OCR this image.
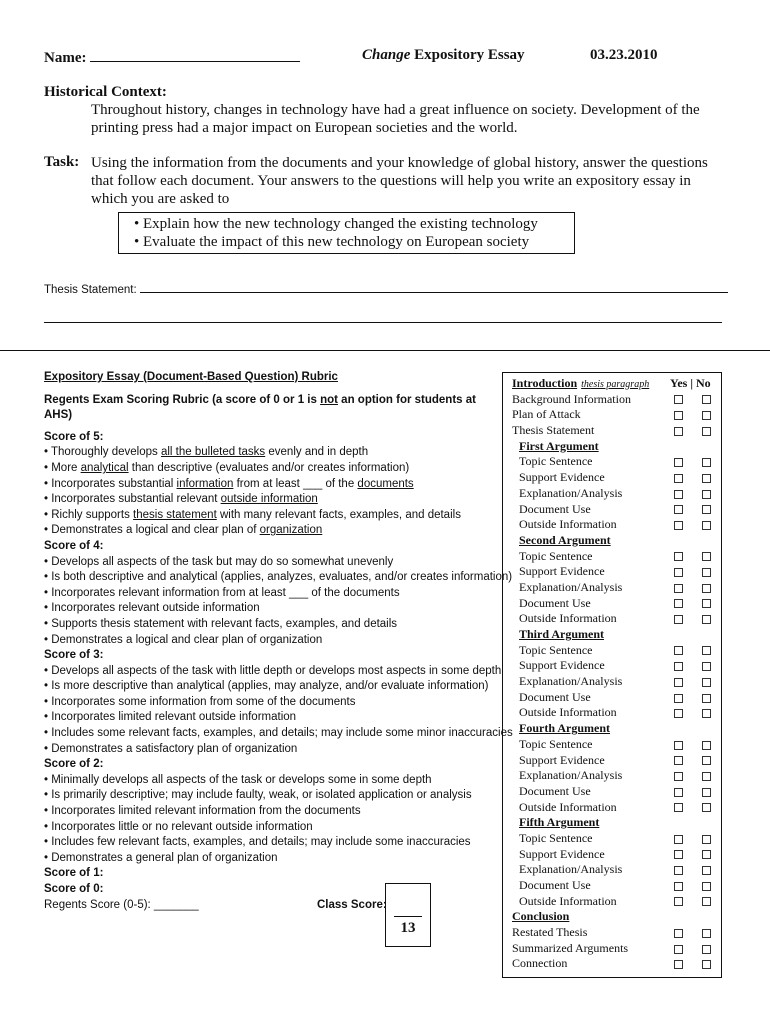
Name:	Change Expository Essay	03.23.2010
Historical Context:
Throughout history, changes in technology have had a great influence on society. Development of the printing press had a major impact on European societies and the world.
Task: Using the information from the documents and your knowledge of global history, answer the questions that follow each document. Your answers to the questions will help you write an expository essay in which you are asked to
• Explain how the new technology changed the existing technology
• Evaluate the impact of this new technology on European society
Thesis Statement:
Expository Essay (Document-Based Question) Rubric
Regents Exam Scoring Rubric (a score of 0 or 1 is not an option for students at AHS)
Score of 5:
• Thoroughly develops all the bulleted tasks evenly and in depth
• More analytical than descriptive (evaluates and/or creates information)
• Incorporates substantial information from at least ___ of the documents
• Incorporates substantial relevant outside information
• Richly supports thesis statement with many relevant facts, examples, and details
• Demonstrates a logical and clear plan of organization
Score of 4:
• Develops all aspects of the task but may do so somewhat unevenly
• Is both descriptive and analytical (applies, analyzes, evaluates, and/or creates information)
• Incorporates relevant information from at least ___ of the documents
• Incorporates relevant outside information
• Supports thesis statement with relevant facts, examples, and details
• Demonstrates a logical and clear plan of organization
Score of 3:
• Develops all aspects of the task with little depth or develops most aspects in some depth
• Is more descriptive than analytical (applies, may analyze, and/or evaluate information)
• Incorporates some information from some of the documents
• Incorporates limited relevant outside information
• Includes some relevant facts, examples, and details; may include some minor inaccuracies
• Demonstrates a satisfactory plan of organization
Score of 2:
• Minimally develops all aspects of the task or develops some in some depth
• Is primarily descriptive; may include faulty, weak, or isolated application or analysis
• Incorporates limited relevant information from the documents
• Incorporates little or no relevant outside information
• Includes few relevant facts, examples, and details; may include some inaccuracies
• Demonstrates a general plan of organization
Score of 1:
Score of 0:
Regents Score (0-5): _______	Class Score:
13
Introduction thesis paragraph Yes | No
Background Information
Plan of Attack
Thesis Statement
First Argument
Topic Sentence
Support Evidence
Explanation/Analysis
Document Use
Outside Information
Second Argument
Topic Sentence
Support Evidence
Explanation/Analysis
Document Use
Outside Information
Third Argument
Topic Sentence
Support Evidence
Explanation/Analysis
Document Use
Outside Information
Fourth Argument
Topic Sentence
Support Evidence
Explanation/Analysis
Document Use
Outside Information
Fifth Argument
Topic Sentence
Support Evidence
Explanation/Analysis
Document Use
Outside Information
Conclusion
Restated Thesis
Summarized Arguments
Connection
